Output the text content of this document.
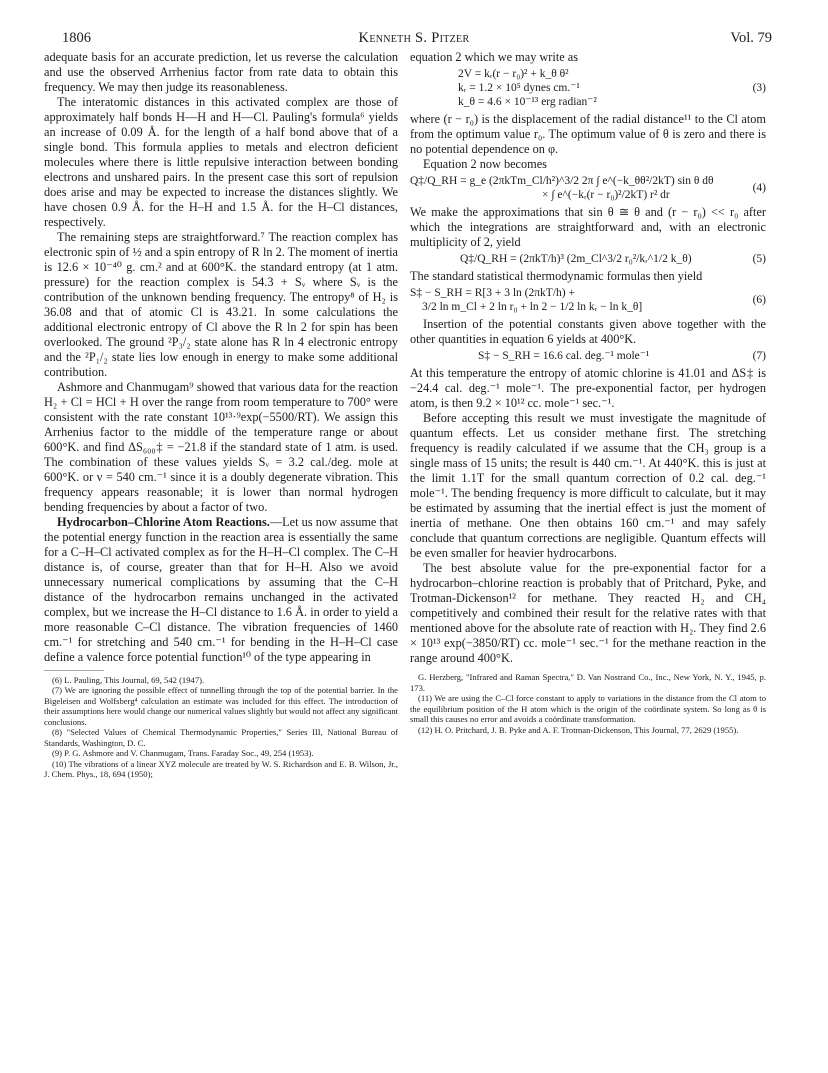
1806	Kenneth S. Pitzer	Vol. 79

adequate basis for an accurate prediction, let us reverse the calculation and use the observed Arrhenius factor from rate data to obtain this frequency. We may then judge its reasonableness.

The interatomic distances in this activated complex are those of approximately half bonds H—H and H—Cl. Pauling's formula⁶ yields an increase of 0.09 Å. for the length of a half bond above that of a single bond. This formula applies to metals and electron deficient molecules where there is little repulsive interaction between bonding electrons and unshared pairs. In the present case this sort of repulsion does arise and may be expected to increase the distances slightly. We have chosen 0.9 Å. for the H–H and 1.5 Å. for the H–Cl distances, respectively.

The remaining steps are straightforward.⁷ The reaction complex has electronic spin of ½ and a spin entropy of R ln 2. The moment of inertia is 12.6 × 10⁻⁴⁰ g. cm.² and at 600°K. the standard entropy (at 1 atm. pressure) for the reaction complex is 54.3 + Sᵥ where Sᵥ is the contribution of the unknown bending frequency. The entropy⁸ of H₂ is 36.08 and that of atomic Cl is 43.21. In some calculations the additional electronic entropy of Cl above the R ln 2 for spin has been overlooked. The ground ²P₃/₂ state alone has R ln 4 electronic entropy and the ²P₁/₂ state lies low enough in energy to make some additional contribution.

Ashmore and Chanmugam⁹ showed that various data for the reaction H₂ + Cl = HCl + H over the range from room temperature to 700° were consistent with the rate constant 10¹³·⁹exp(−5500/RT). We assign this Arrhenius factor to the middle of the temperature range or about 600°K. and find ΔS₆₀₀‡ = −21.8 if the standard state of 1 atm. is used. The combination of these values yields Sᵥ = 3.2 cal./deg. mole at 600°K. or ν = 540 cm.⁻¹ since it is a doubly degenerate vibration. This frequency appears reasonable; it is lower than normal hydrogen bending frequencies by about a factor of two.

Hydrocarbon–Chlorine Atom Reactions.—Let us now assume that the potential energy function in the reaction area is essentially the same for a C–H–Cl activated complex as for the H–H–Cl complex. The C–H distance is, of course, greater than that for H–H. Also we avoid unnecessary numerical complications by assuming that the C–H distance of the hydrocarbon remains unchanged in the activated complex, but we increase the H–Cl distance to 1.6 Å. in order to yield a more reasonable C–Cl distance. The vibration frequencies of 1460 cm.⁻¹ for stretching and 540 cm.⁻¹ for bending in the H–H–Cl case define a valence force potential function¹⁰ of the type appearing in

(6) L. Pauling, This Journal, 69, 542 (1947).
(7) We are ignoring the possible effect of tunnelling through the top of the potential barrier. In the Bigeleisen and Wolfsberg⁴ calculation an estimate was included for this effect. The introduction of their assumptions here would change our numerical values slightly but would not affect any significant conclusions.
(8) "Selected Values of Chemical Thermodynamic Properties," Series III, National Bureau of Standards, Washington, D. C.
(9) P. G. Ashmore and V. Chanmugam, Trans. Faraday Soc., 49, 254 (1953).
(10) The vibrations of a linear XYZ molecule are treated by W. S. Richardson and E. B. Wilson, Jr., J. Chem. Phys., 18, 694 (1950);

equation 2 which we may write as

2V = kᵣ(r − r₀)² + k_θ θ²
kᵣ = 1.2 × 10⁵ dynes cm.⁻¹
k_θ = 4.6 × 10⁻¹³ erg radian⁻²
(3)

where (r − r₀) is the displacement of the radial distance¹¹ to the Cl atom from the optimum value r₀. The optimum value of θ is zero and there is no potential dependence on φ.

Equation 2 now becomes

Q‡/Q_RH = g_e (2πkTm_Cl/h²)^3/2 2π ∫ e^(−k_θθ²/2kT) sin θ dθ
× ∫ e^(−kᵣ(r − r₀)²/2kT) r² dr
(4)

We make the approximations that sin θ ≅ θ and (r − r₀) << r₀ after which the integrations are straightforward and, with an electronic multiplicity of 2, yield

Q‡/Q_RH = (2πkT/h)³ (2m_Cl^3/2 r₀²/kᵣ^1/2 k_θ)	(5)

The standard statistical thermodynamic formulas then yield

S‡ − S_RH = R[3 + 3 ln (2πkT/h) +
3/2 ln m_Cl + 2 ln r₀ + ln 2 − 1/2 ln kᵣ − ln k_θ]
(6)

Insertion of the potential constants given above together with the other quantities in equation 6 yields at 400°K.

S‡ − S_RH = 16.6 cal. deg.⁻¹ mole⁻¹	(7)

At this temperature the entropy of atomic chlorine is 41.01 and ΔS‡ is −24.4 cal. deg.⁻¹ mole⁻¹. The pre-exponential factor, per hydrogen atom, is then 9.2 × 10¹² cc. mole⁻¹ sec.⁻¹.

Before accepting this result we must investigate the magnitude of quantum effects. Let us consider methane first. The stretching frequency is readily calculated if we assume that the CH₃ group is a single mass of 15 units; the result is 440 cm.⁻¹. At 440°K. this is just at the limit 1.1T for the small quantum correction of 0.2 cal. deg.⁻¹ mole⁻¹. The bending frequency is more difficult to calculate, but it may be estimated by assuming that the inertial effect is just the moment of inertia of methane. One then obtains 160 cm.⁻¹ and may safely conclude that quantum corrections are negligible. Quantum effects will be even smaller for heavier hydrocarbons.

The best absolute value for the pre-exponential factor for a hydrocarbon–chlorine reaction is probably that of Pritchard, Pyke, and Trotman-Dickenson¹² for methane. They reacted H₂ and CH₄ competitively and combined their result for the relative rates with that mentioned above for the absolute rate of reaction with H₂. They find 2.6 × 10¹³ exp(−3850/RT) cc. mole⁻¹ sec.⁻¹ for the methane reaction in the range around 400°K.

G. Herzberg, "Infrared and Raman Spectra," D. Van Nostrand Co., Inc., New York, N. Y., 1945, p. 173.
(11) We are using the C–Cl force constant to apply to variations in the distance from the Cl atom to the equilibrium position of the H atom which is the origin of the coördinate system. So long as θ is small this causes no error and avoids a coördinate transformation.
(12) H. O. Pritchard, J. B. Pyke and A. F. Trotman-Dickenson, This Journal, 77, 2629 (1955).
